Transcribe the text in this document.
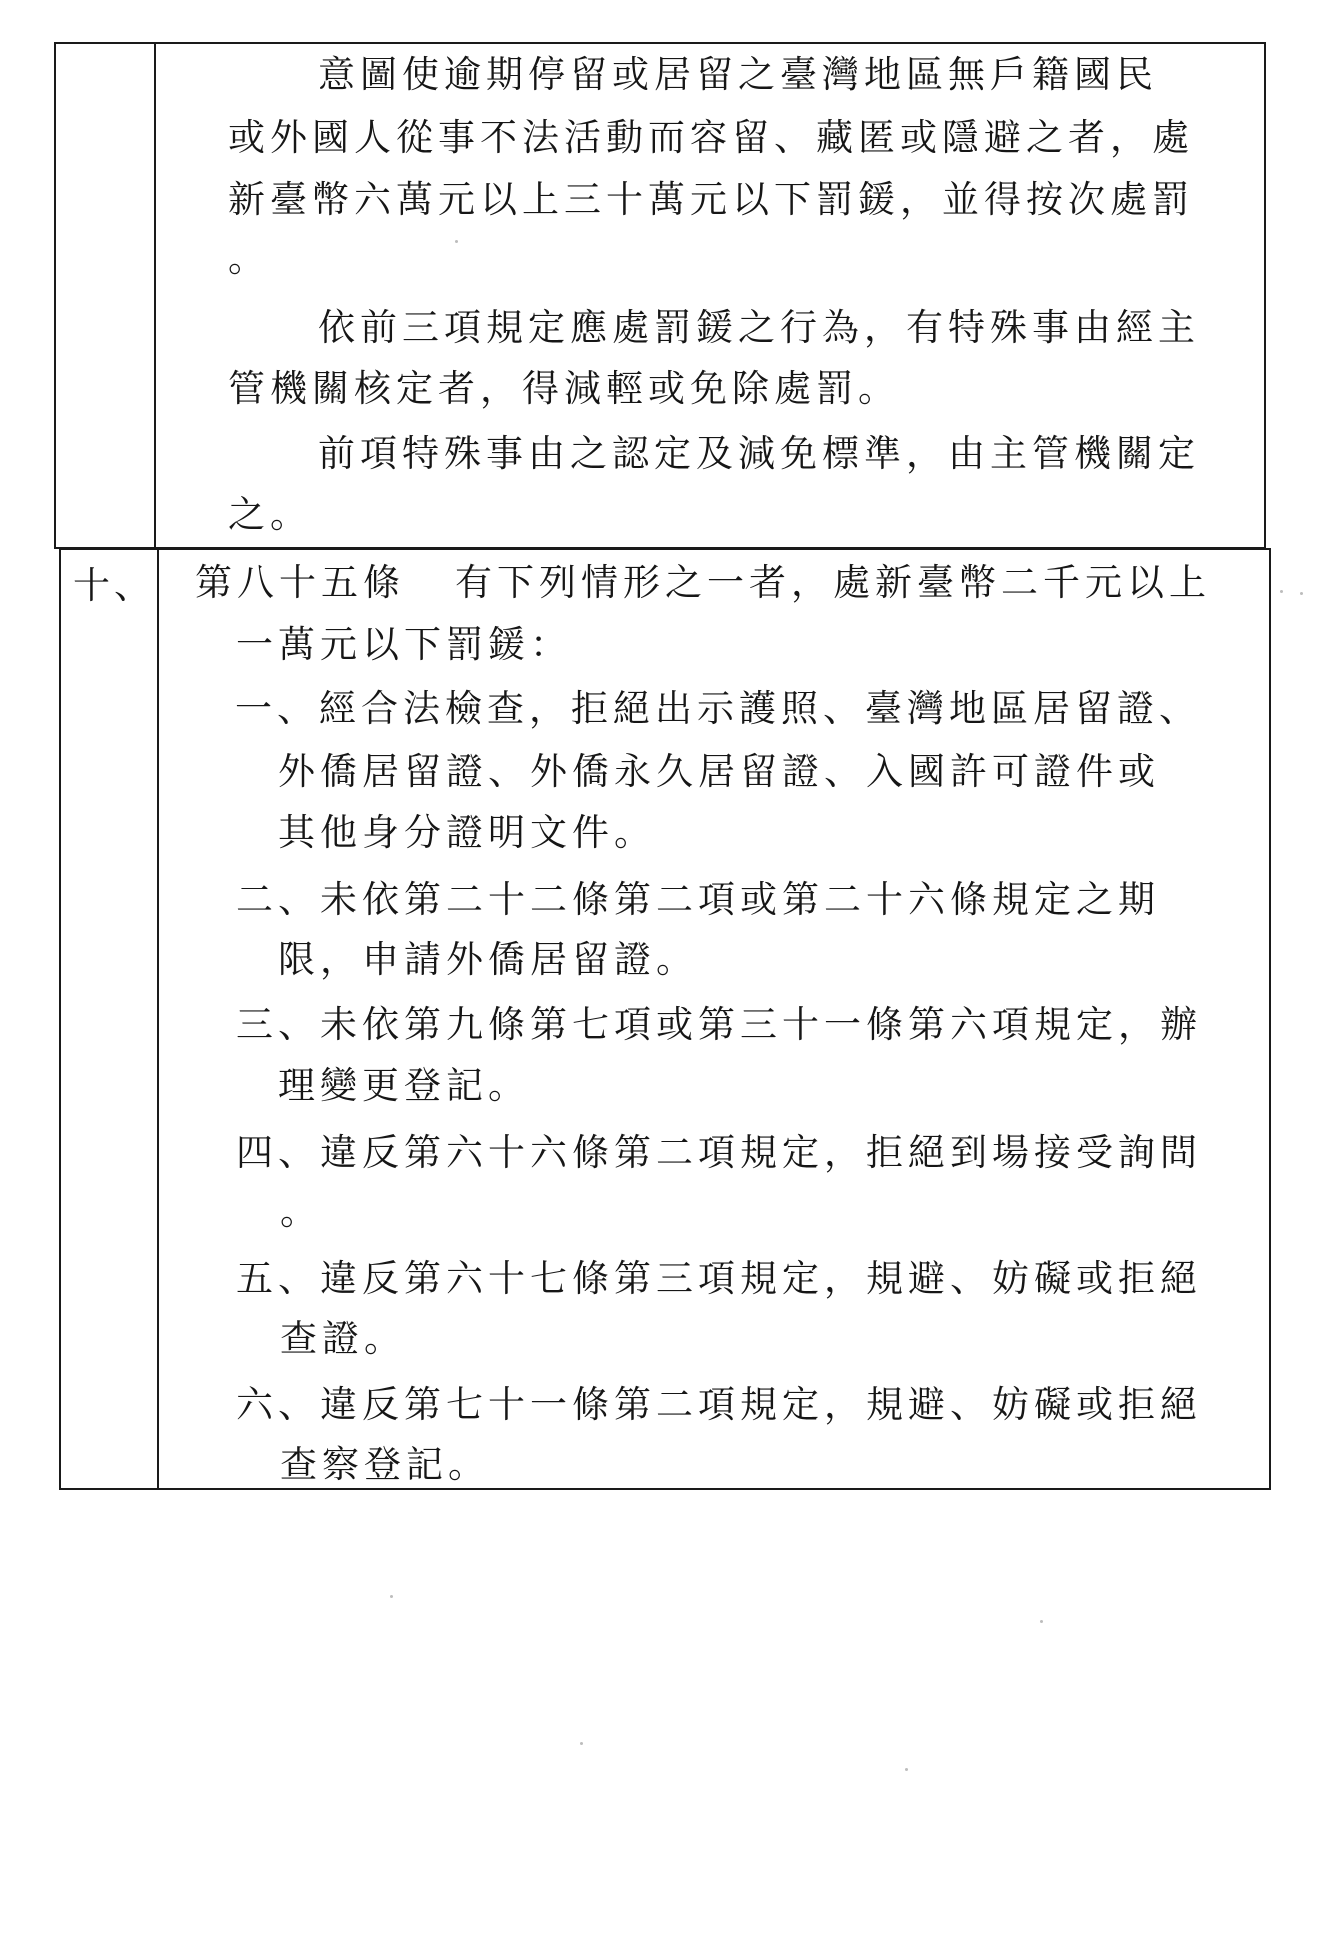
意圖使逾期停留或居留之臺灣地區無戶籍國民
或外國人從事不法活動而容留、藏匿或隱避之者，處
新臺幣六萬元以上三十萬元以下罰鍰，並得按次處罰
。
依前三項規定應處罰鍰之行為，有特殊事由經主
管機關核定者，得減輕或免除處罰。
前項特殊事由之認定及減免標準，由主管機關定
之。
十、 第八十五條 有下列情形之一者，處新臺幣二千元以上
一萬元以下罰鍰：
一、經合法檢查，拒絕出示護照、臺灣地區居留證、
外僑居留證、外僑永久居留證、入國許可證件或
其他身分證明文件。
二、未依第二十二條第二項或第二十六條規定之期
限，申請外僑居留證。
三、未依第九條第七項或第三十一條第六項規定，辦
理變更登記。
四、違反第六十六條第二項規定，拒絕到場接受詢問
。
五、違反第六十七條第三項規定，規避、妨礙或拒絕
查證。
六、違反第七十一條第二項規定，規避、妨礙或拒絕
查察登記。
